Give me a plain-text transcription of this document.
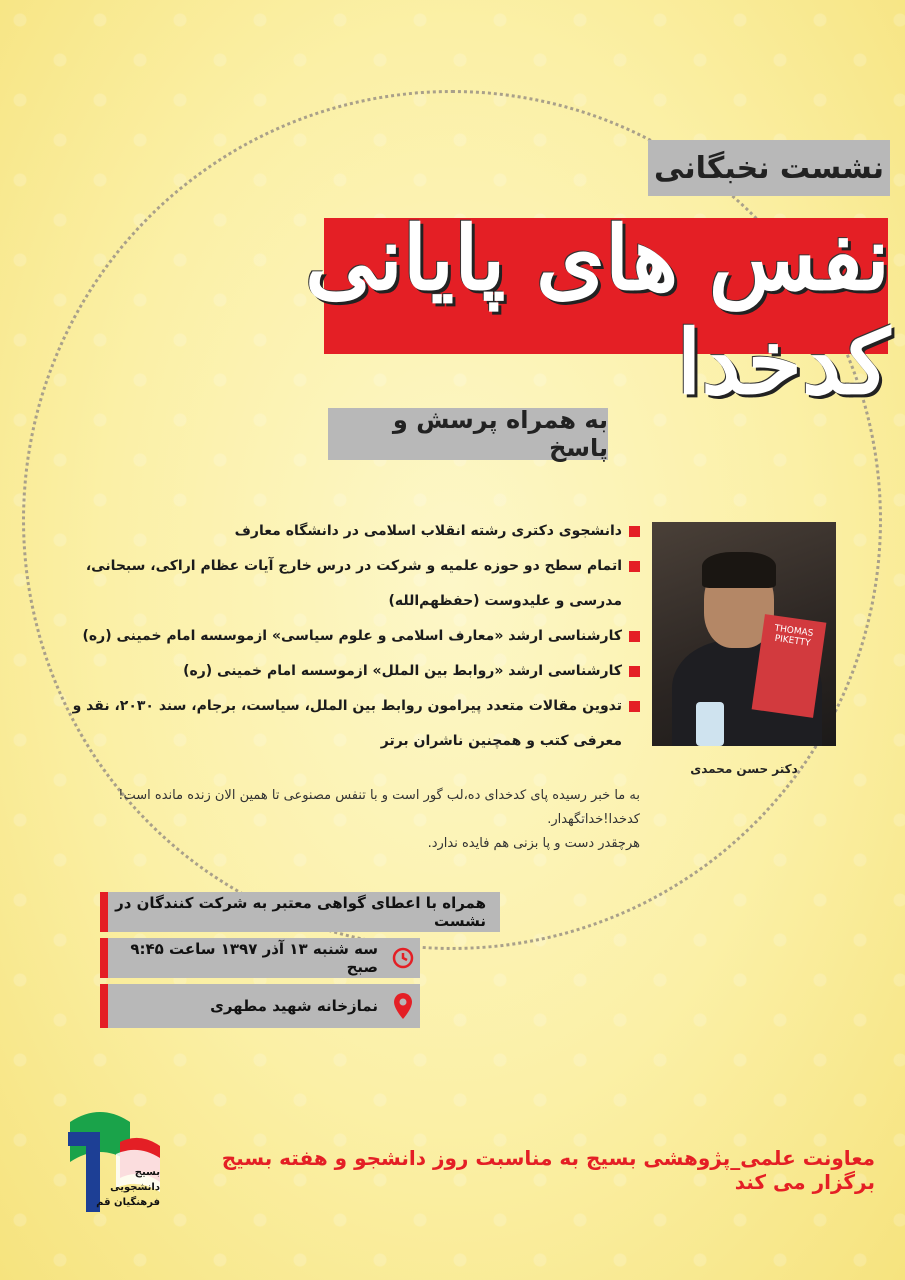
نشست نخبگانی
نفس های پایانی کدخدا
به همراه پرسش و پاسخ
THOMAS PIKETTY
دکتر حسن محمدی
دانشجوی دکتری رشته انقلاب اسلامی در دانشگاه معارف
اتمام سطح دو حوزه علمیه و شرکت در درس خارج آیات عظام اراکی، سبحانی، مدرسی و علیدوست (حفظهم‌الله)
کارشناسی ارشد «معارف اسلامی و علوم سیاسی» ازموسسه امام خمینی (ره)
کارشناسی ارشد «روابط بین الملل» ازموسسه امام خمینی (ره)
تدوین مقالات متعدد پیرامون روابط بین الملل، سیاست، برجام، سند ۲۰۳۰، نقد و معرفی کتب و همچنین ناشران برتر
به ما خبر رسیده پای کدخدای ده،لب گور است و با تنفس مصنوعی تا همین الان زنده مانده است!
کدخدا!خداتگهدار.
هرچقدر دست و پا بزنی هم فایده ندارد.
همراه با اعطای گواهی معتبر به شرکت کنندگان در نشست
سه شنبه ۱۳ آذر ۱۳۹۷ ساعت ۹:۴۵ صبح
نمازخانه شهید مطهری
معاونت علمی_پژوهشی بسیج به مناسبت روز دانشجو و هفته بسیج برگزار می کند
بسیج
دانشجویی
فرهنگیان قم
